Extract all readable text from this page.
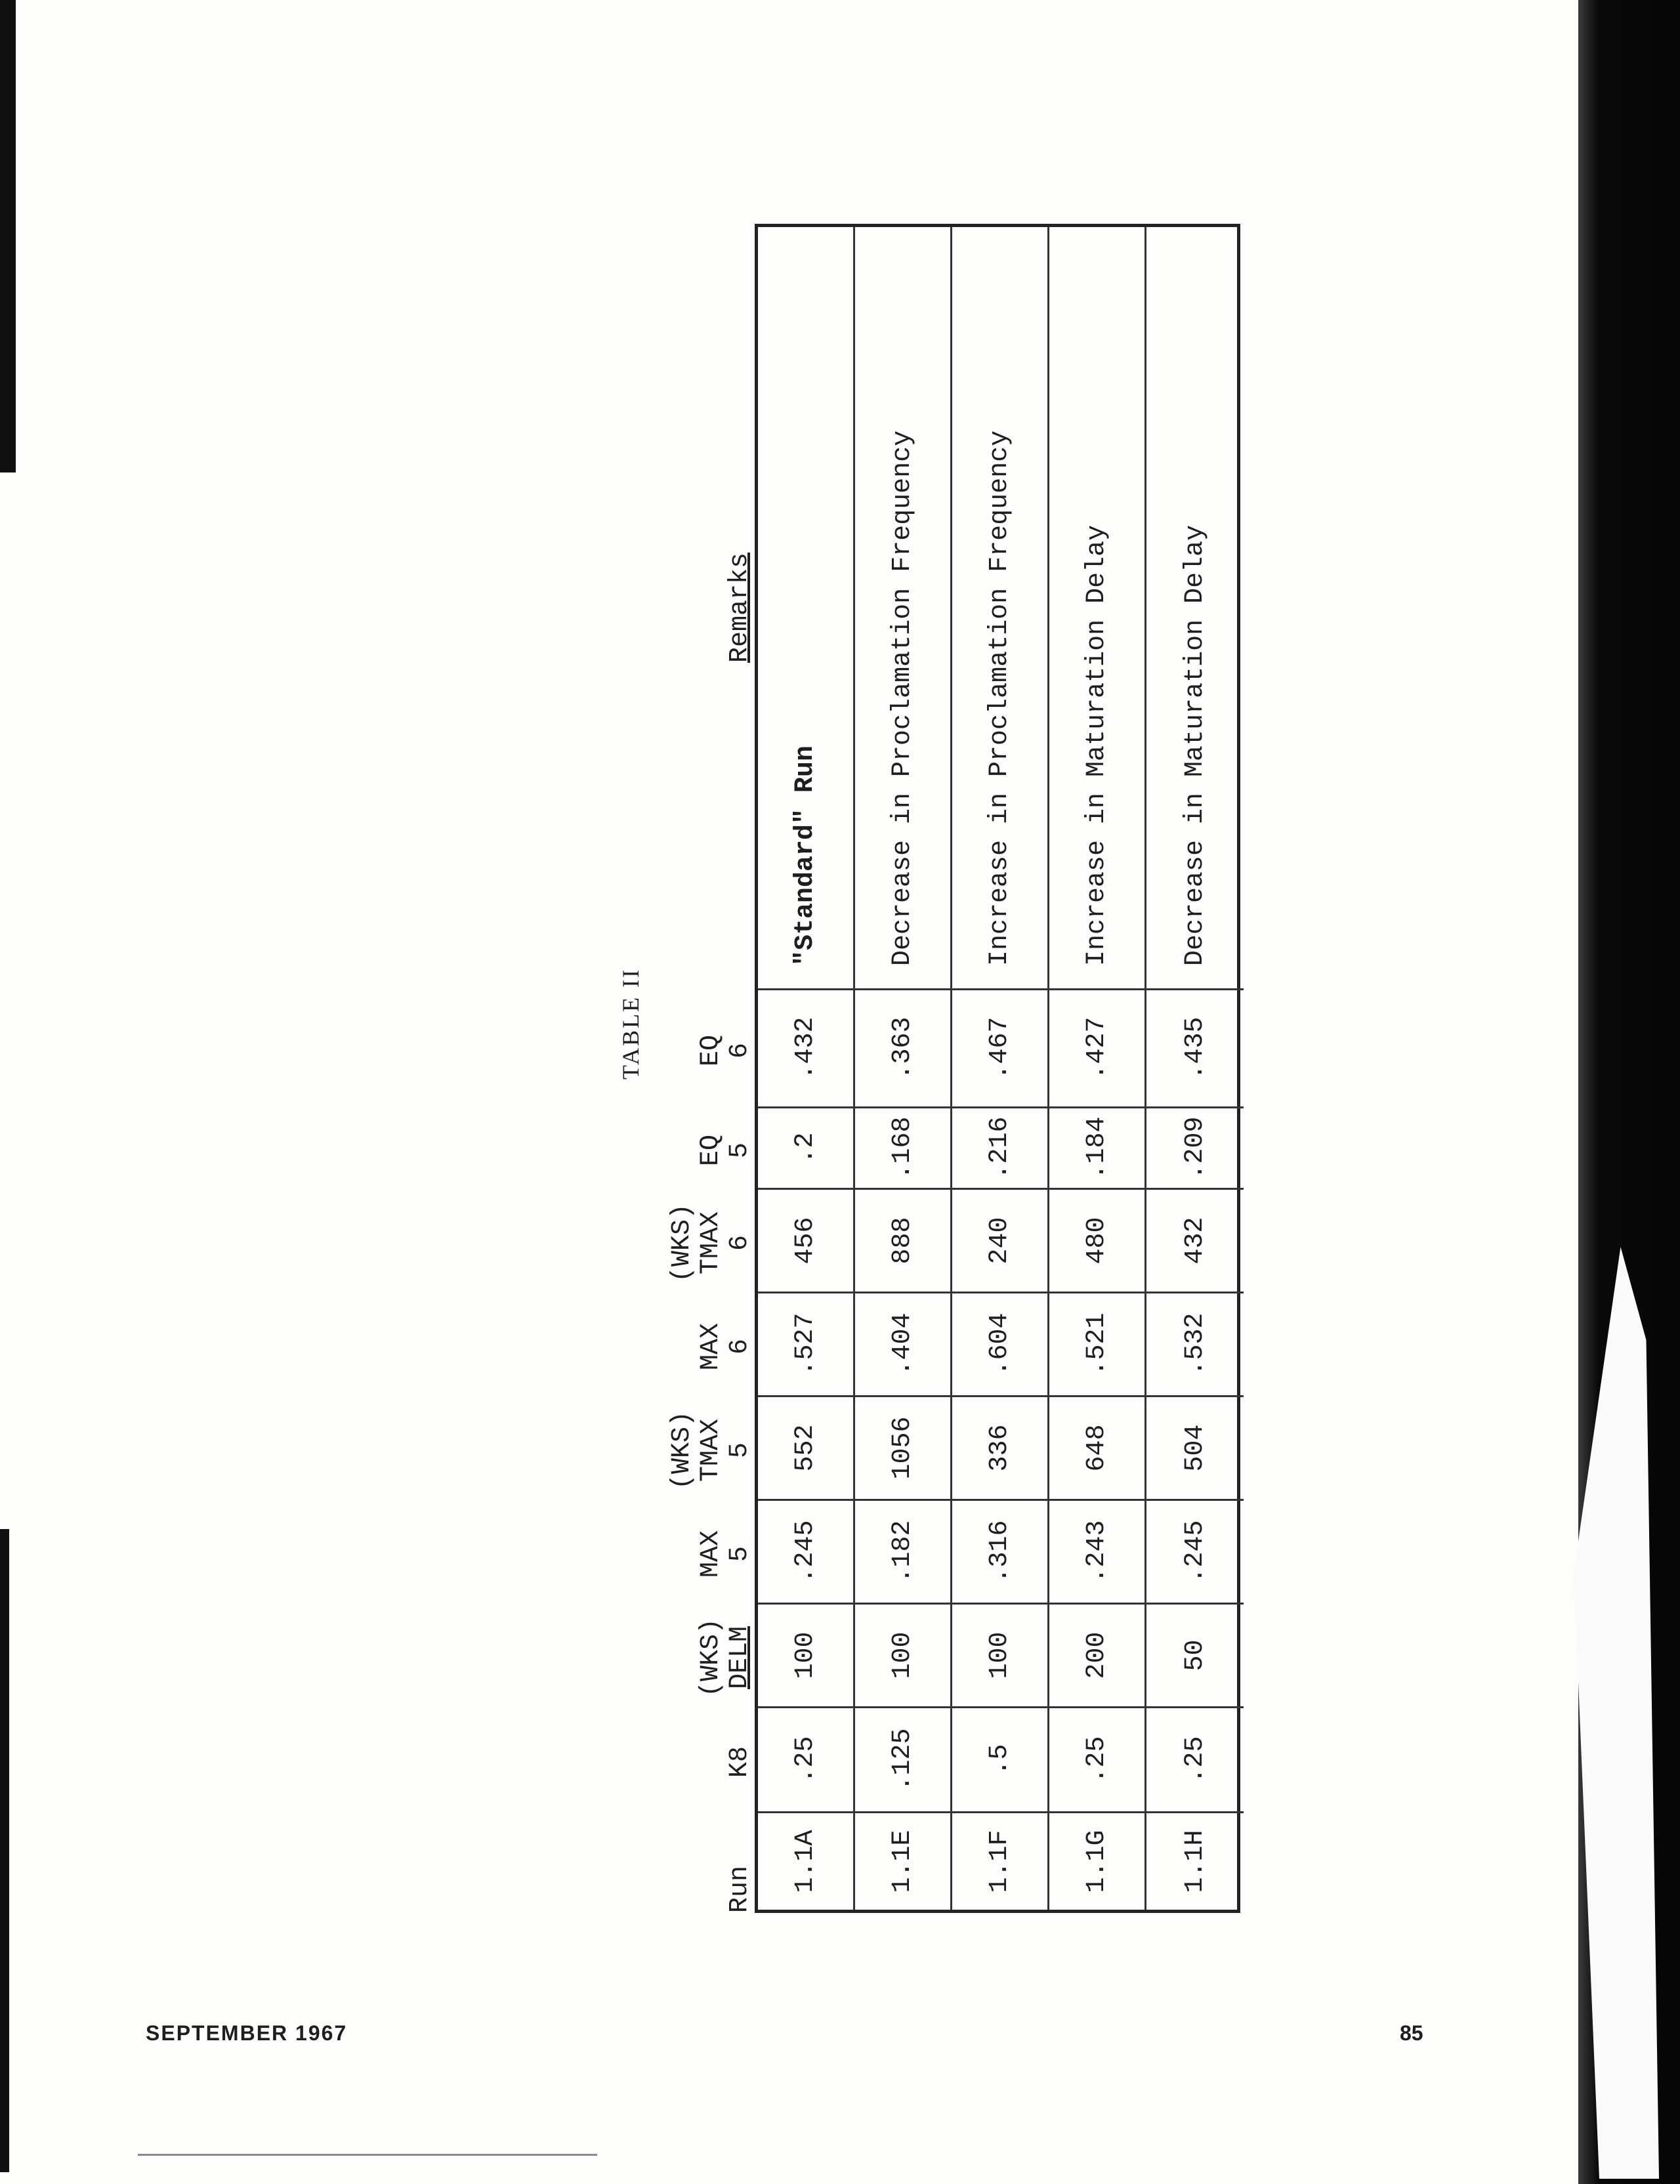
TABLE II
Run
K8
(WKS) DELM
MAX 5
(WKS) TMAX 5
MAX 6
(WKS) TMAX 6
EQ 5
EQ 6
Remarks
1.1A
.25
100
.245
552
.527
456
.2
.432
"Standard" Run
1.1E
.125
100
.182
1056
.404
888
.168
.363
Decrease in Proclamation Frequency
1.1F
.5
100
.316
336
.604
240
.216
.467
Increase in Proclamation Frequency
1.1G
.25
200
.243
648
.521
480
.184
.427
Increase in Maturation Delay
1.1H
.25
50
.245
504
.532
432
.209
.435
Decrease in Maturation Delay
SEPTEMBER 1967	85
